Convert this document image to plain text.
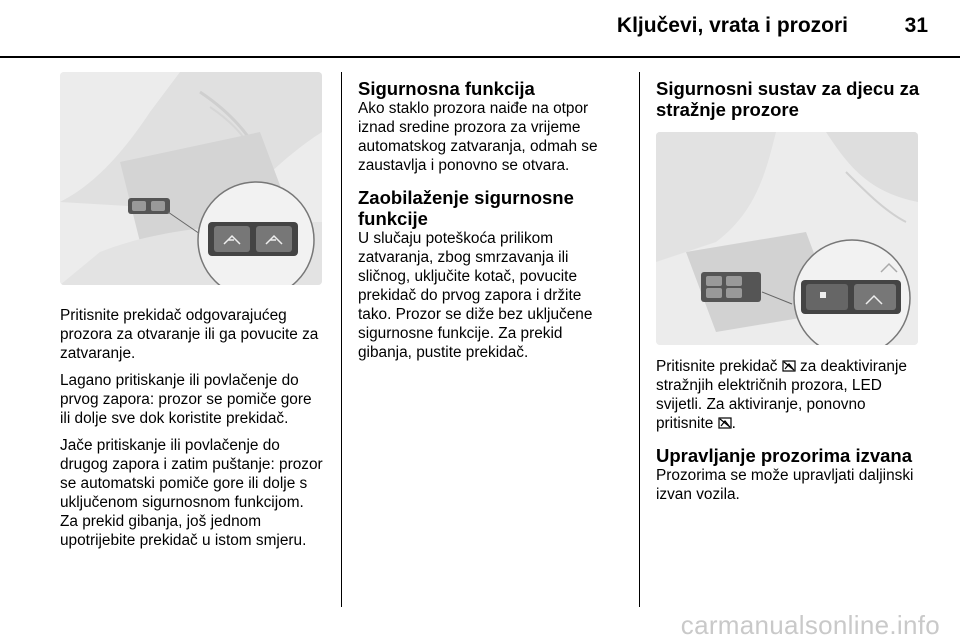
Ključevi, vrata i prozori	31

Pritisnite prekidač odgovarajućeg prozora za otvaranje ili ga povucite za zatvaranje.

Lagano pritiskanje ili povlačenje do prvog zapora: prozor se pomiče gore ili dolje sve dok koristite prekidač.

Jače pritiskanje ili povlačenje do drugog zapora i zatim puštanje: prozor se automatski pomiče gore ili dolje s uključenom sigurnosnom funkcijom. Za prekid gibanja, još jednom upotrijebite prekidač u istom smjeru.

Sigurnosna funkcija

Ako staklo prozora naiđe na otpor iznad sredine prozora za vrijeme automatskog zatvaranja, odmah se zaustavlja i ponovno se otvara.

Zaobilaženje sigurnosne funkcije

U slučaju poteškoća prilikom zatvaranja, zbog smrzavanja ili sličnog, uključite kotač, povucite prekidač do prvog zapora i držite tako. Prozor se diže bez uključene sigurnosne funkcije. Za prekid gibanja, pustite prekidač.

Sigurnosni sustav za djecu za stražnje prozore

Pritisnite prekidač za deaktiviranje stražnjih električnih prozora, LED svijetli. Za aktiviranje, ponovno pritisnite .

Upravljanje prozorima izvana

Prozorima se može upravljati daljinski izvan vozila.

carmanualsonline.info
